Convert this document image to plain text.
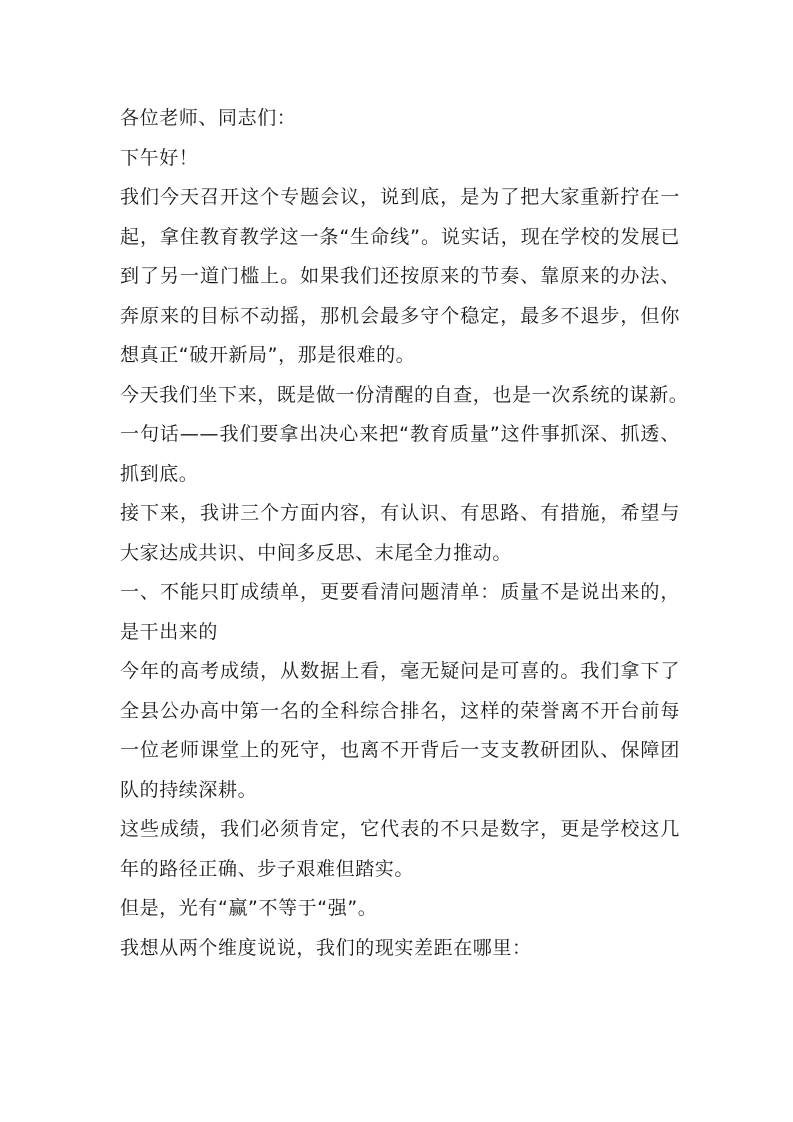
各位老师、同志们：
下午好！
我们今天召开这个专题会议，说到底，是为了把大家重新拧在一
起，拿住教育教学这一条“生命线”。说实话，现在学校的发展已
到了另一道门槛上。如果我们还按原来的节奏、靠原来的办法、
奔原来的目标不动摇，那机会最多守个稳定，最多不退步，但你
想真正“破开新局”，那是很难的。
今天我们坐下来，既是做一份清醒的自查，也是一次系统的谋新。
一句话——我们要拿出决心来把“教育质量”这件事抓深、抓透、
抓到底。
接下来，我讲三个方面内容，有认识、有思路、有措施，希望与
大家达成共识、中间多反思、末尾全力推动。
一、不能只盯成绩单，更要看清问题清单：质量不是说出来的，
是干出来的
今年的高考成绩，从数据上看，毫无疑问是可喜的。我们拿下了
全县公办高中第一名的全科综合排名，这样的荣誉离不开台前每
一位老师课堂上的死守，也离不开背后一支支教研团队、保障团
队的持续深耕。
这些成绩，我们必须肯定，它代表的不只是数字，更是学校这几
年的路径正确、步子艰难但踏实。
但是，光有“赢”不等于“强”。
我想从两个维度说说，我们的现实差距在哪里：
